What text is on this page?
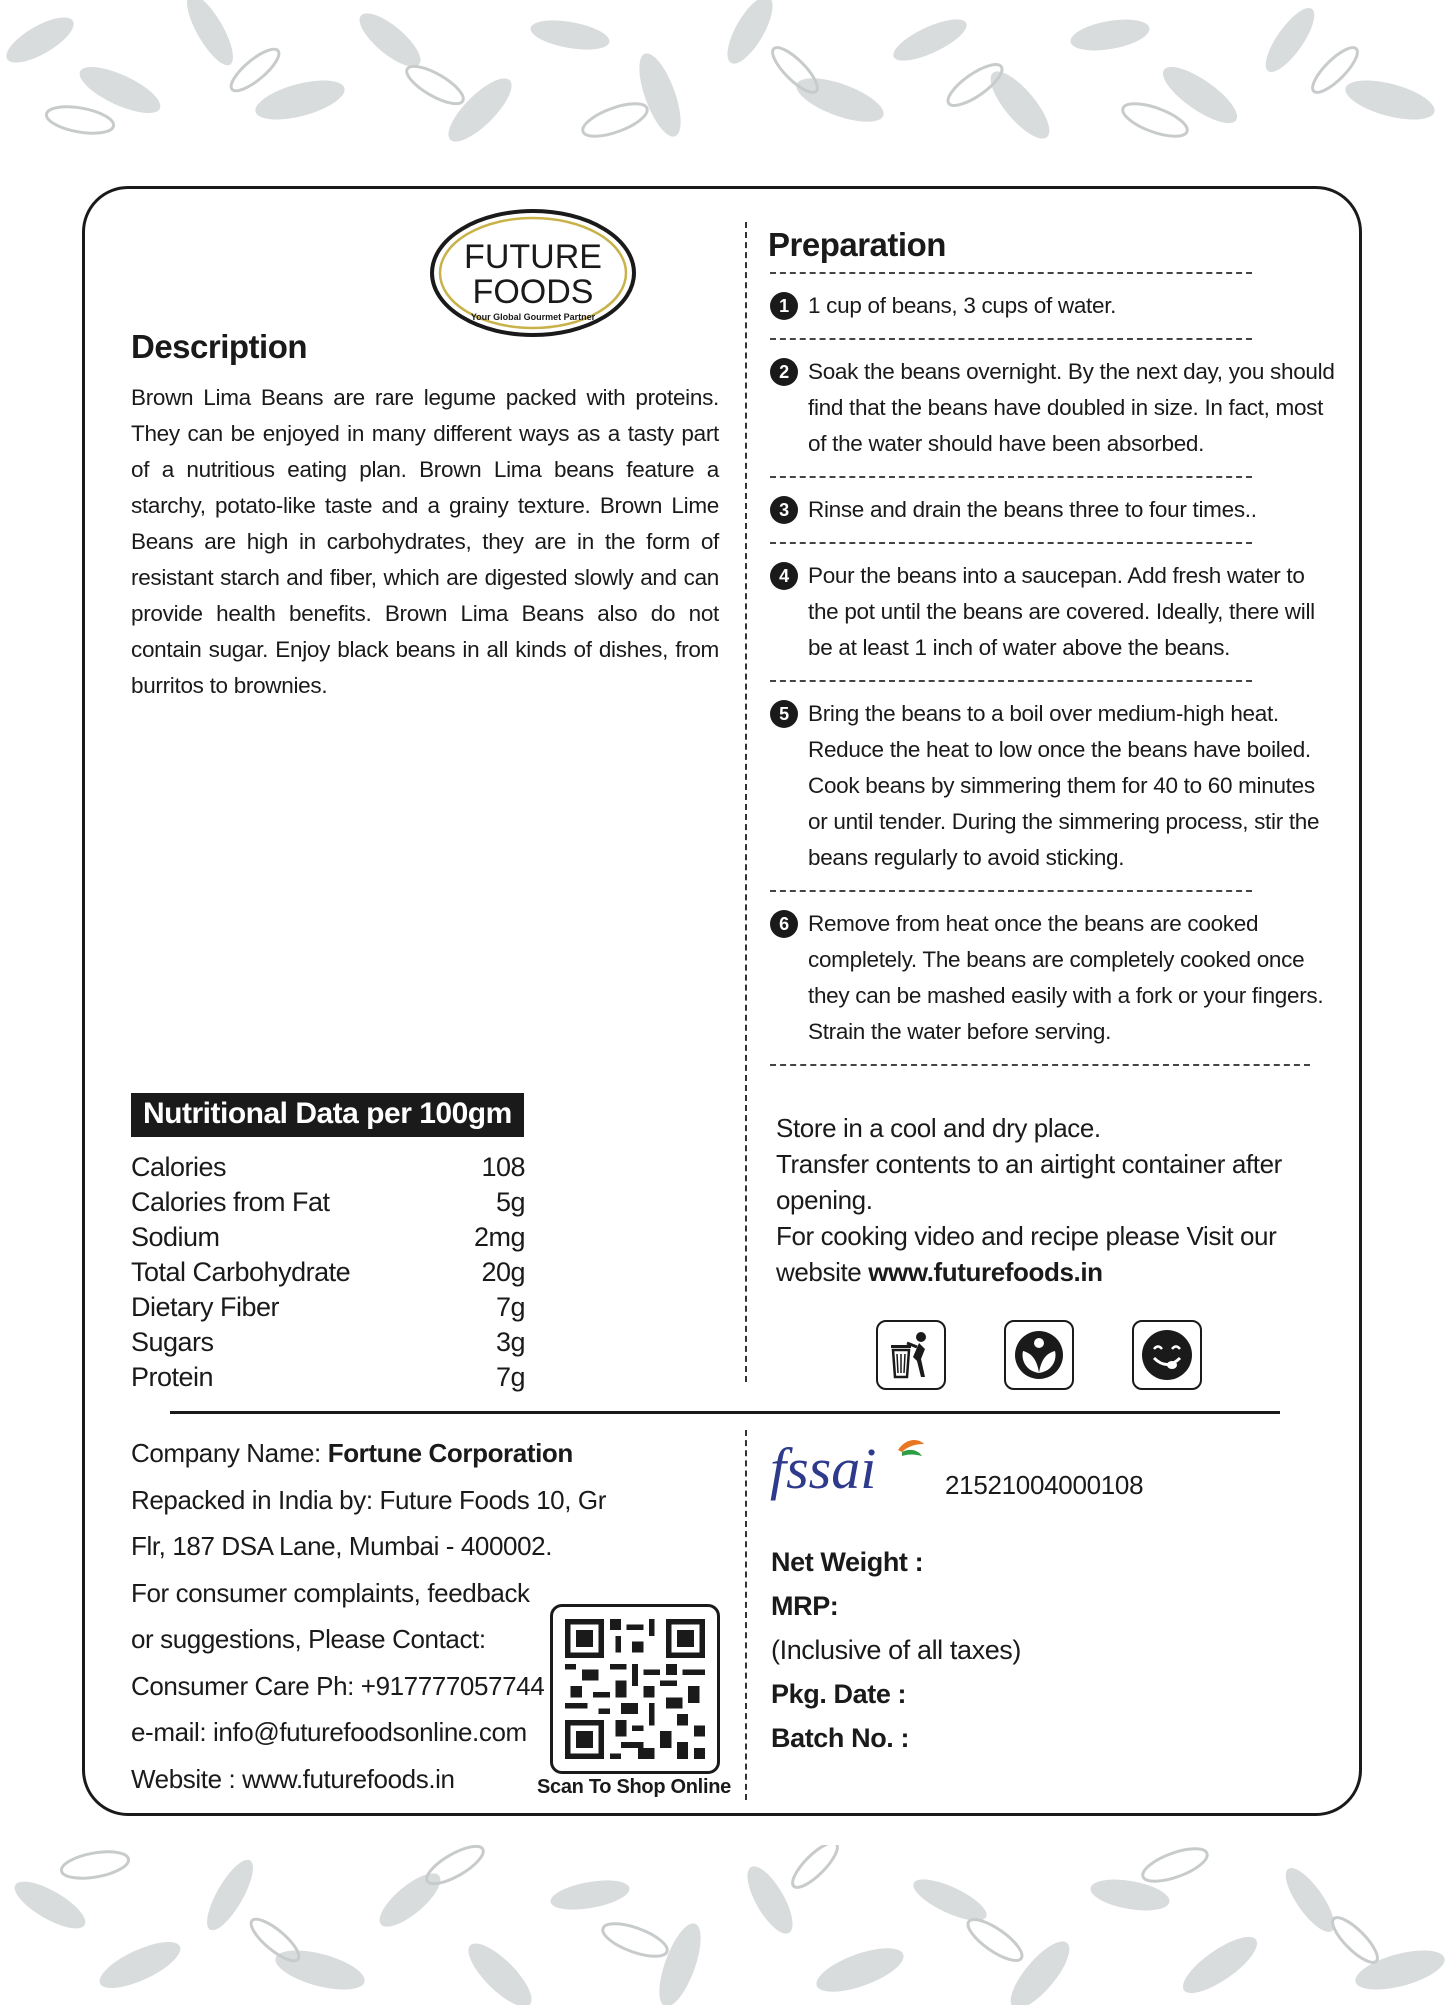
FUTURE
FOODS
Your Global Gourmet Partner
Description

Brown Lima Beans are rare legume packed with proteins. They can be enjoyed in many different ways as a tasty part of a nutritious eating plan. Brown Lima beans feature a starchy, potato-like taste and a grainy texture. Brown Lime Beans are high in carbohydrates, they are in the form of resistant starch and fiber, which are digested slowly and can provide health benefits. Brown Lima Beans also do not contain sugar. Enjoy black beans in all kinds of dishes, from burritos to brownies.

Nutritional Data per 100gm
Calories	108
Calories from Fat	5g
Sodium	2mg
Total Carbohydrate	20g
Dietary Fiber	7g
Sugars	3g
Protein	7g
Preparation
1 1 cup of beans, 3 cups of water.
2 Soak the beans overnight. By the next day, you should find that the beans have doubled in size. In fact, most of the water should have been absorbed.
3 Rinse and drain the beans three to four times..
4 Pour the beans into a saucepan. Add fresh water to the pot until the beans are covered. Ideally, there will be at least 1 inch of water above the beans.
5 Bring the beans to a boil over medium-high heat. Reduce the heat to low once the beans have boiled. Cook beans by simmering them for 40 to 60 minutes or until tender. During the simmering process, stir the beans regularly to avoid sticking.
6 Remove from heat once the beans are cooked completely. The beans are completely cooked once they can be mashed easily with a fork or your fingers. Strain the water before serving.

Store in a cool and dry place.

Transfer contents to an airtight container after opening.

For cooking video and recipe please Visit our website www.futurefoods.in

Company Name: Fortune Corporation

Repacked in India by: Future Foods 10, Gr Flr, 187 DSA Lane, Mumbai - 400002.

For consumer complaints, feedback or suggestions, Please Contact:

Consumer Care Ph: +917777057744

e-mail: info@futurefoodsonline.com

Website : www.futurefoods.in	Scan To Shop Online
fssai	21521004000108

Net Weight :

MRP:

(Inclusive of all taxes)

Pkg. Date :

Batch No. :
